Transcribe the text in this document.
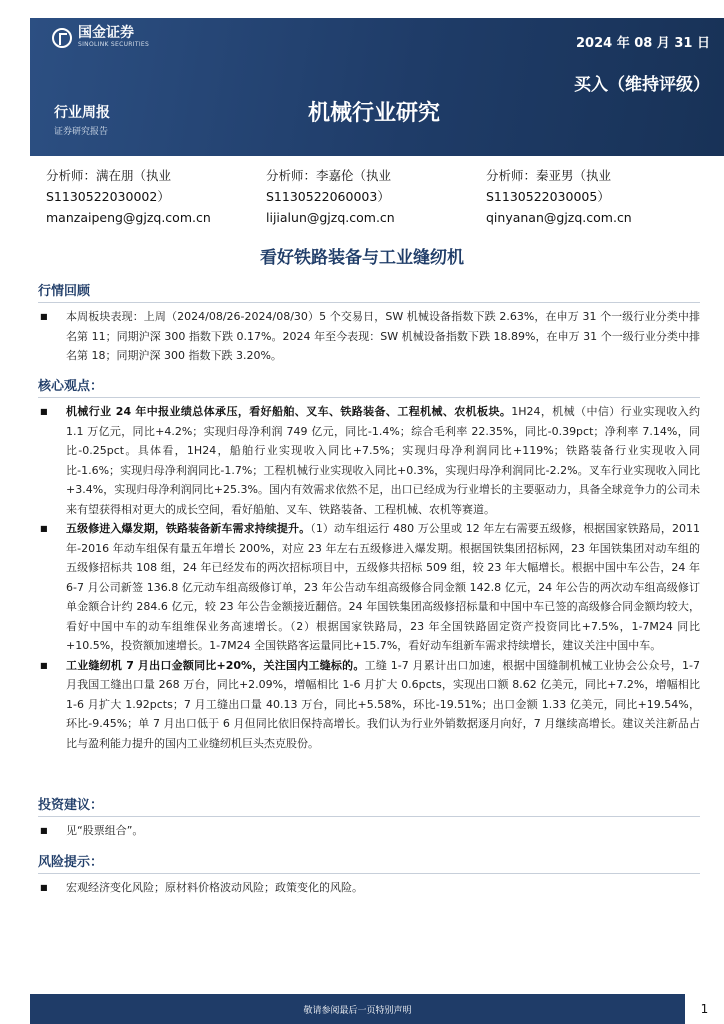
国金证券
SINOLINK SECURITIES	2024 年 08 月 31 日
买入（维持评级）
机械行业研究
行业周报
证券研究报告
分析师：满在朋（执业
S1130522030002）
manzaipeng@gjzq.com.cn
分析师：李嘉伦（执业
S1130522060003）
lijialun@gjzq.com.cn
分析师：秦亚男（执业
S1130522030005）
qinyanan@gjzq.com.cn
看好铁路装备与工业缝纫机
行情回顾
■	本周板块表现：上周（2024/08/26-2024/08/30）5 个交易日，SW 机械设备指数下跌 2.63%，在申万 31 个一级行业分类中排名第 11；同期沪深 300 指数下跌 0.17%。2024 年至今表现：SW 机械设备指数下跌 18.89%，在申万 31 个一级行业分类中排名第 18；同期沪深 300 指数下跌 3.20%。
核心观点：
■	机械行业 24 年中报业绩总体承压，看好船舶、叉车、铁路装备、工程机械、农机板块。1H24，机械（中信）行业实现收入约 1.1 万亿元，同比+4.2%；实现归母净利润 749 亿元，同比-1.4%；综合毛利率 22.35%，同比-0.39pct；净利率 7.14%，同比-0.25pct。具体看，1H24，船舶行业实现收入同比+7.5%；实现归母净利润同比+119%；铁路装备行业实现收入同比-1.6%；实现归母净利润同比-1.7%；工程机械行业实现收入同比+0.3%，实现归母净利润同比-2.2%。叉车行业实现收入同比+3.4%，实现归母净利润同比+25.3%。国内有效需求依然不足，出口已经成为行业增长的主要驱动力，具备全球竞争力的公司未来有望获得相对更大的成长空间，看好船舶、叉车、铁路装备、工程机械、农机等赛道。
■	五级修进入爆发期，铁路装备新车需求持续提升。（1）动车组运行 480 万公里或 12 年左右需要五级修，根据国家铁路局，2011 年-2016 年动车组保有量五年增长 200%，对应 23 年左右五级修进入爆发期。根据国铁集团招标网，23 年国铁集团对动车组的五级修招标共 108 组，24 年已经发布的两次招标项目中，五级修共招标 509 组，较 23 年大幅增长。根据中国中车公告，24 年 6-7 月公司新签 136.8 亿元动车组高级修订单，23 年公告动车组高级修合同金额 142.8 亿元，24 年公告的两次动车组高级修订单金额合计约 284.6 亿元，较 23 年公告金额接近翻倍。24 年国铁集团高级修招标量和中国中车已签的高级修合同金额均较大，看好中国中车的动车组维保业务高速增长。（2）根据国家铁路局，23 年全国铁路固定资产投资同比+7.5%，1-7M24 同比+10.5%，投资额加速增长。1-7M24 全国铁路客运量同比+15.7%，看好动车组新车需求持续增长，建议关注中国中车。
■	工业缝纫机 7 月出口金额同比+20%，关注国内工缝标的。工缝 1-7 月累计出口加速，根据中国缝制机械工业协会公众号，1-7 月我国工缝出口量 268 万台，同比+2.09%，增幅相比 1-6 月扩大 0.6pcts，实现出口额 8.62 亿美元，同比+7.2%，增幅相比 1-6 月扩大 1.92pcts；7 月工缝出口量 40.13 万台，同比+5.58%，环比-19.51%；出口金额 1.33 亿美元，同比+19.54%，环比-9.45%；单 7 月出口低于 6 月但同比依旧保持高增长。我们认为行业外销数据逐月向好，7 月继续高增长。建议关注新品占比与盈利能力提升的国内工业缝纫机巨头杰克股份。
投资建议：
■	见“股票组合”。
风险提示：
■	宏观经济变化风险；原材料价格波动风险；政策变化的风险。
敬请参阅最后一页特别声明	1
